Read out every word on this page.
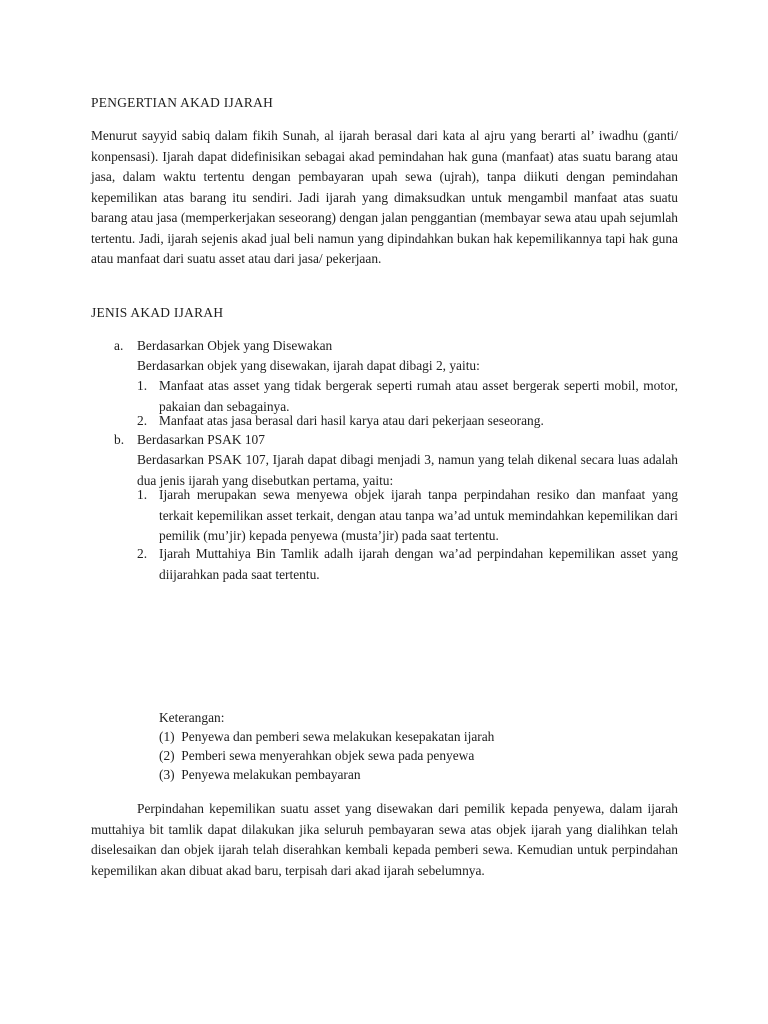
PENGERTIAN AKAD IJARAH

Menurut sayyid sabiq dalam fikih Sunah, al ijarah berasal dari kata al ajru yang berarti al’ iwadhu (ganti/ konpensasi). Ijarah dapat didefinisikan sebagai akad pemindahan hak guna (manfaat) atas suatu barang atau jasa, dalam waktu tertentu dengan pembayaran upah sewa (ujrah), tanpa diikuti dengan pemindahan kepemilikan atas barang itu sendiri. Jadi ijarah yang dimaksudkan untuk mengambil manfaat atas suatu barang atau jasa (memperkerjakan seseorang) dengan jalan penggantian (membayar sewa atau upah sejumlah tertentu. Jadi, ijarah sejenis akad jual beli namun yang dipindahkan bukan hak kepemilikannya tapi hak guna atau manfaat dari suatu asset atau dari jasa/ pekerjaan.

JENIS AKAD IJARAH
a. Berdasarkan Objek yang Disewakan

Berdasarkan objek yang disewakan, ijarah dapat dibagi 2, yaitu:

1. Manfaat atas asset yang tidak bergerak seperti rumah atau asset bergerak seperti mobil, motor, pakaian dan sebagainya.

2. Manfaat atas jasa berasal dari hasil karya atau dari pekerjaan seseorang.

b. Berdasarkan PSAK 107

Berdasarkan PSAK 107, Ijarah dapat dibagi menjadi 3, namun yang telah dikenal secara luas adalah dua jenis ijarah yang disebutkan pertama, yaitu:

1. Ijarah merupakan sewa menyewa objek ijarah tanpa perpindahan resiko dan manfaat yang terkait kepemilikan asset terkait, dengan atau tanpa wa’ad untuk memindahkan kepemilikan dari pemilik (mu’jir) kepada penyewa (musta’jir) pada saat tertentu.

2. Ijarah Muttahiya Bin Tamlik adalh ijarah dengan wa’ad perpindahan kepemilikan asset yang diijarahkan pada saat tertentu.

Keterangan:
(1)  Penyewa dan pemberi sewa melakukan kesepakatan ijarah
(2)  Pemberi sewa menyerahkan objek sewa pada penyewa
(3)  Penyewa melakukan pembayaran

Perpindahan kepemilikan suatu asset yang disewakan dari pemilik kepada penyewa, dalam ijarah muttahiya bit tamlik dapat dilakukan jika seluruh pembayaran sewa atas objek ijarah yang dialihkan telah diselesaikan dan objek ijarah telah diserahkan kembali kepada pemberi sewa. Kemudian untuk perpindahan kepemilikan akan dibuat akad baru, terpisah dari akad ijarah sebelumnya.
